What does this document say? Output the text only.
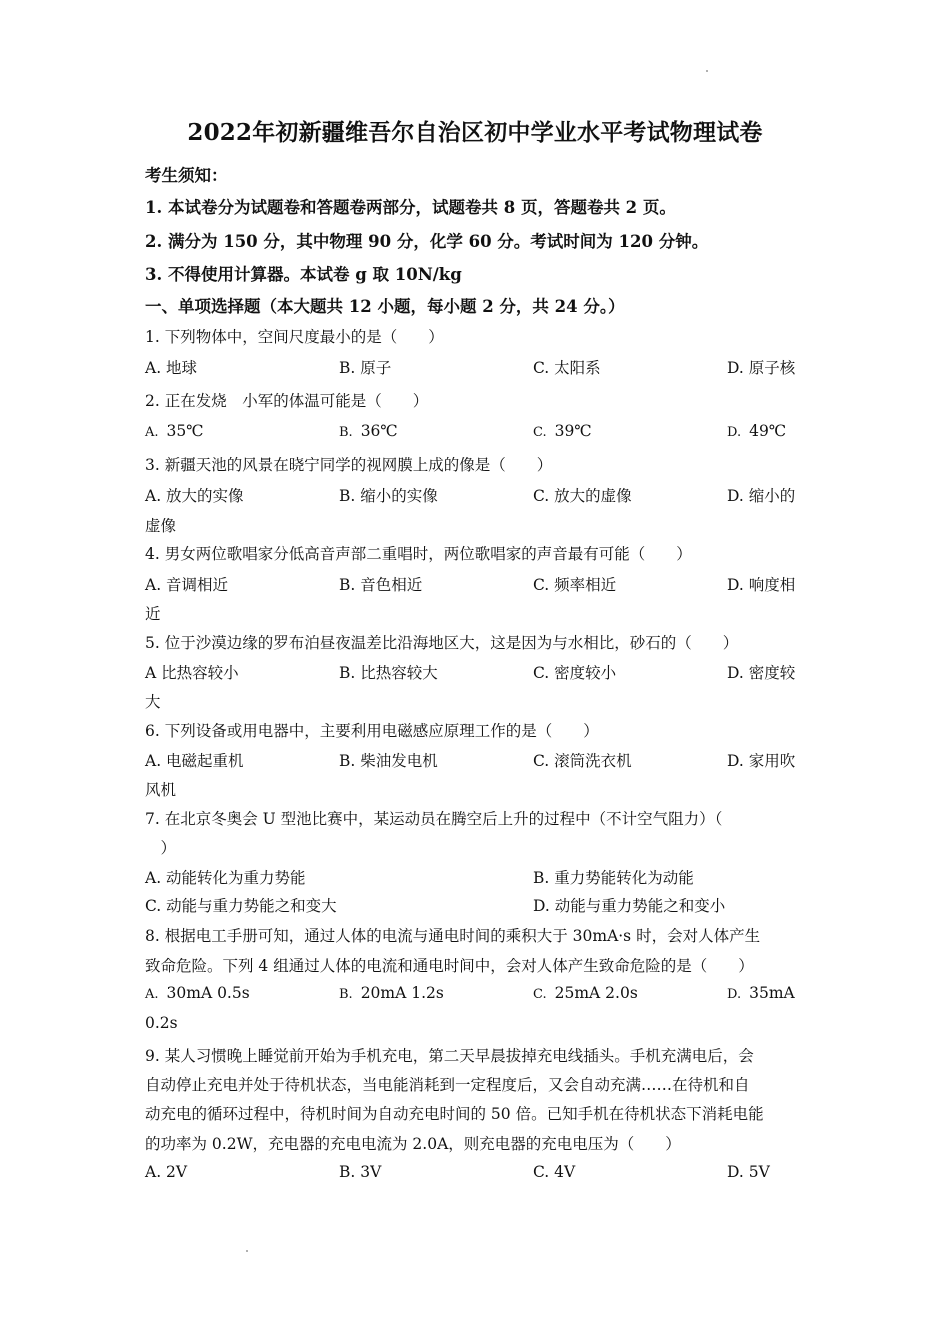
2022年初新疆维吾尔自治区初中学业水平考试物理试卷
考生须知：
1. 本试卷分为试题卷和答题卷两部分，试题卷共 8 页，答题卷共 2 页。
2. 满分为 150 分，其中物理 90 分，化学 60 分。考试时间为 120 分钟。
3. 不得使用计算器。本试卷 g 取 10N/kg
一、单项选择题（本大题共 12 小题，每小题 2 分，共 24 分。）
1. 下列物体中，空间尺度最小的是（　　）
A. 地球	B. 原子	C. 太阳系	D. 原子核
2. 正在发烧　小军的体温可能是（　　）
A. 35℃	B. 36℃	C. 39℃	D. 49℃
3. 新疆天池的风景在晓宁同学的视网膜上成的像是（　　）
A. 放大的实像	B. 缩小的实像	C. 放大的虚像	D. 缩小的
虚像
4. 男女两位歌唱家分低高音声部二重唱时，两位歌唱家的声音最有可能（　　）
A. 音调相近	B. 音色相近	C. 频率相近	D. 响度相
近
5. 位于沙漠边缘的罗布泊昼夜温差比沿海地区大，这是因为与水相比，砂石的（　　）
A 比热容较小	B. 比热容较大	C. 密度较小	D. 密度较
大
6. 下列设备或用电器中，主要利用电磁感应原理工作的是（　　）
A. 电磁起重机	B. 柴油发电机	C. 滚筒洗衣机	D. 家用吹
风机
7. 在北京冬奥会 U 型池比赛中，某运动员在腾空后上升的过程中（不计空气阻力）（
　）
A. 动能转化为重力势能	B. 重力势能转化为动能
C. 动能与重力势能之和变大	D. 动能与重力势能之和变小
8. 根据电工手册可知，通过人体的电流与通电时间的乘积大于 30mA·s 时，会对人体产生
致命危险。下列 4 组通过人体的电流和通电时间中，会对人体产生致命危险的是（　　）
A. 30mA 0.5s	B. 20mA 1.2s	C. 25mA 2.0s	D. 35mA
0.2s
9. 某人习惯晚上睡觉前开始为手机充电，第二天早晨拔掉充电线插头。手机充满电后，会
自动停止充电并处于待机状态，当电能消耗到一定程度后，又会自动充满……在待机和自
动充电的循环过程中，待机时间为自动充电时间的 50 倍。已知手机在待机状态下消耗电能
的功率为 0.2W，充电器的充电电流为 2.0A，则充电器的充电电压为（　　）
A. 2V	B. 3V	C. 4V	D. 5V
